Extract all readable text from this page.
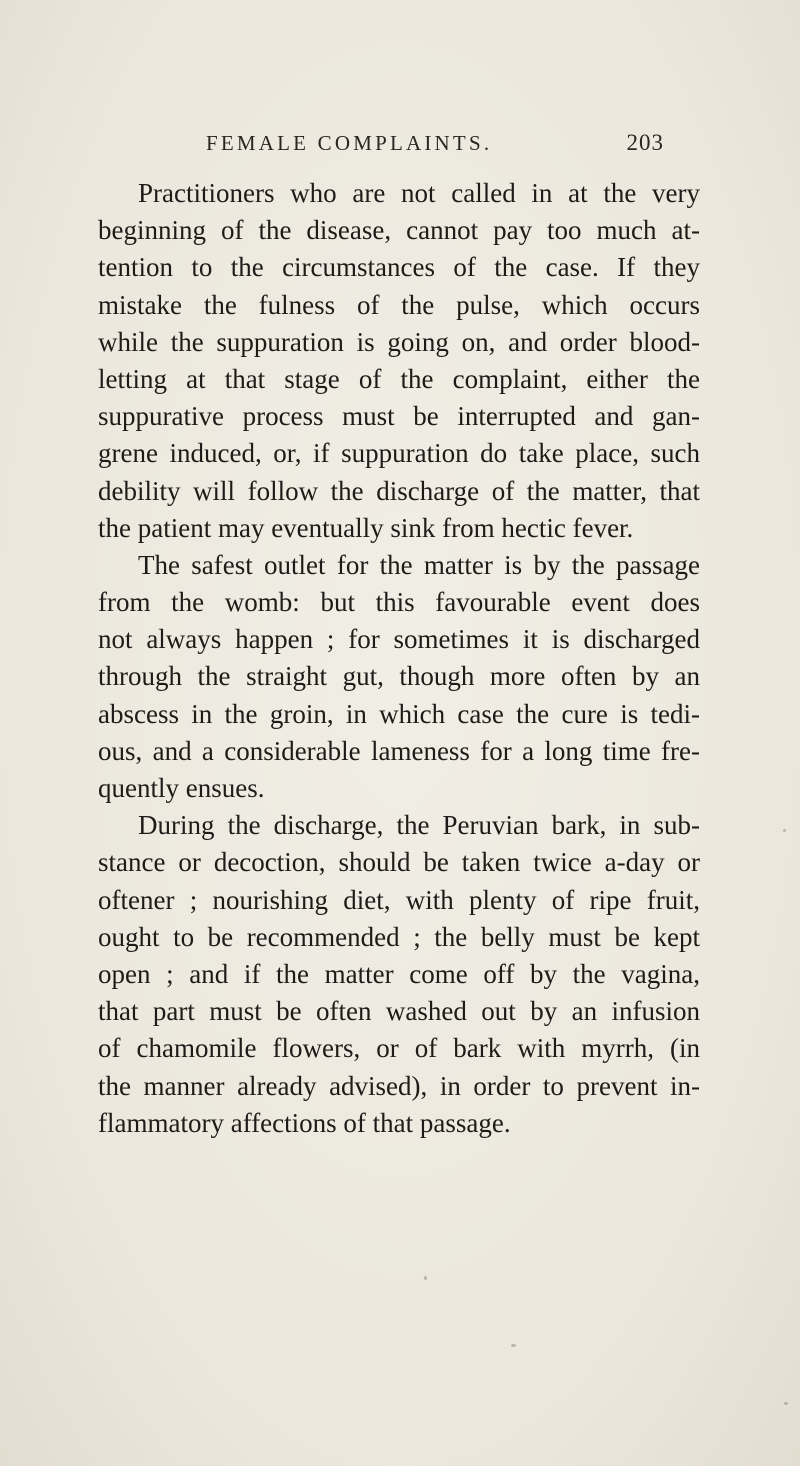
FEMALE COMPLAINTS.	203
Practitioners who are not called in at the very
beginning of the disease, cannot pay too much at-
tention to the circumstances of the case. If they
mistake the fulness of the pulse, which occurs
while the suppuration is going on, and order blood-
letting at that stage of the complaint, either the
suppurative process must be interrupted and gan-
grene induced, or, if suppuration do take place, such
debility will follow the discharge of the matter, that
the patient may eventually sink from hectic fever.
The safest outlet for the matter is by the passage
from the womb: but this favourable event does
not always happen ; for sometimes it is discharged
through the straight gut, though more often by an
abscess in the groin, in which case the cure is tedi-
ous, and a considerable lameness for a long time fre-
quently ensues.
During the discharge, the Peruvian bark, in sub-
stance or decoction, should be taken twice a-day or
oftener ; nourishing diet, with plenty of ripe fruit,
ought to be recommended ; the belly must be kept
open ; and if the matter come off by the vagina,
that part must be often washed out by an infusion
of chamomile flowers, or of bark with myrrh, (in
the manner already advised), in order to prevent in-
flammatory affections of that passage.
